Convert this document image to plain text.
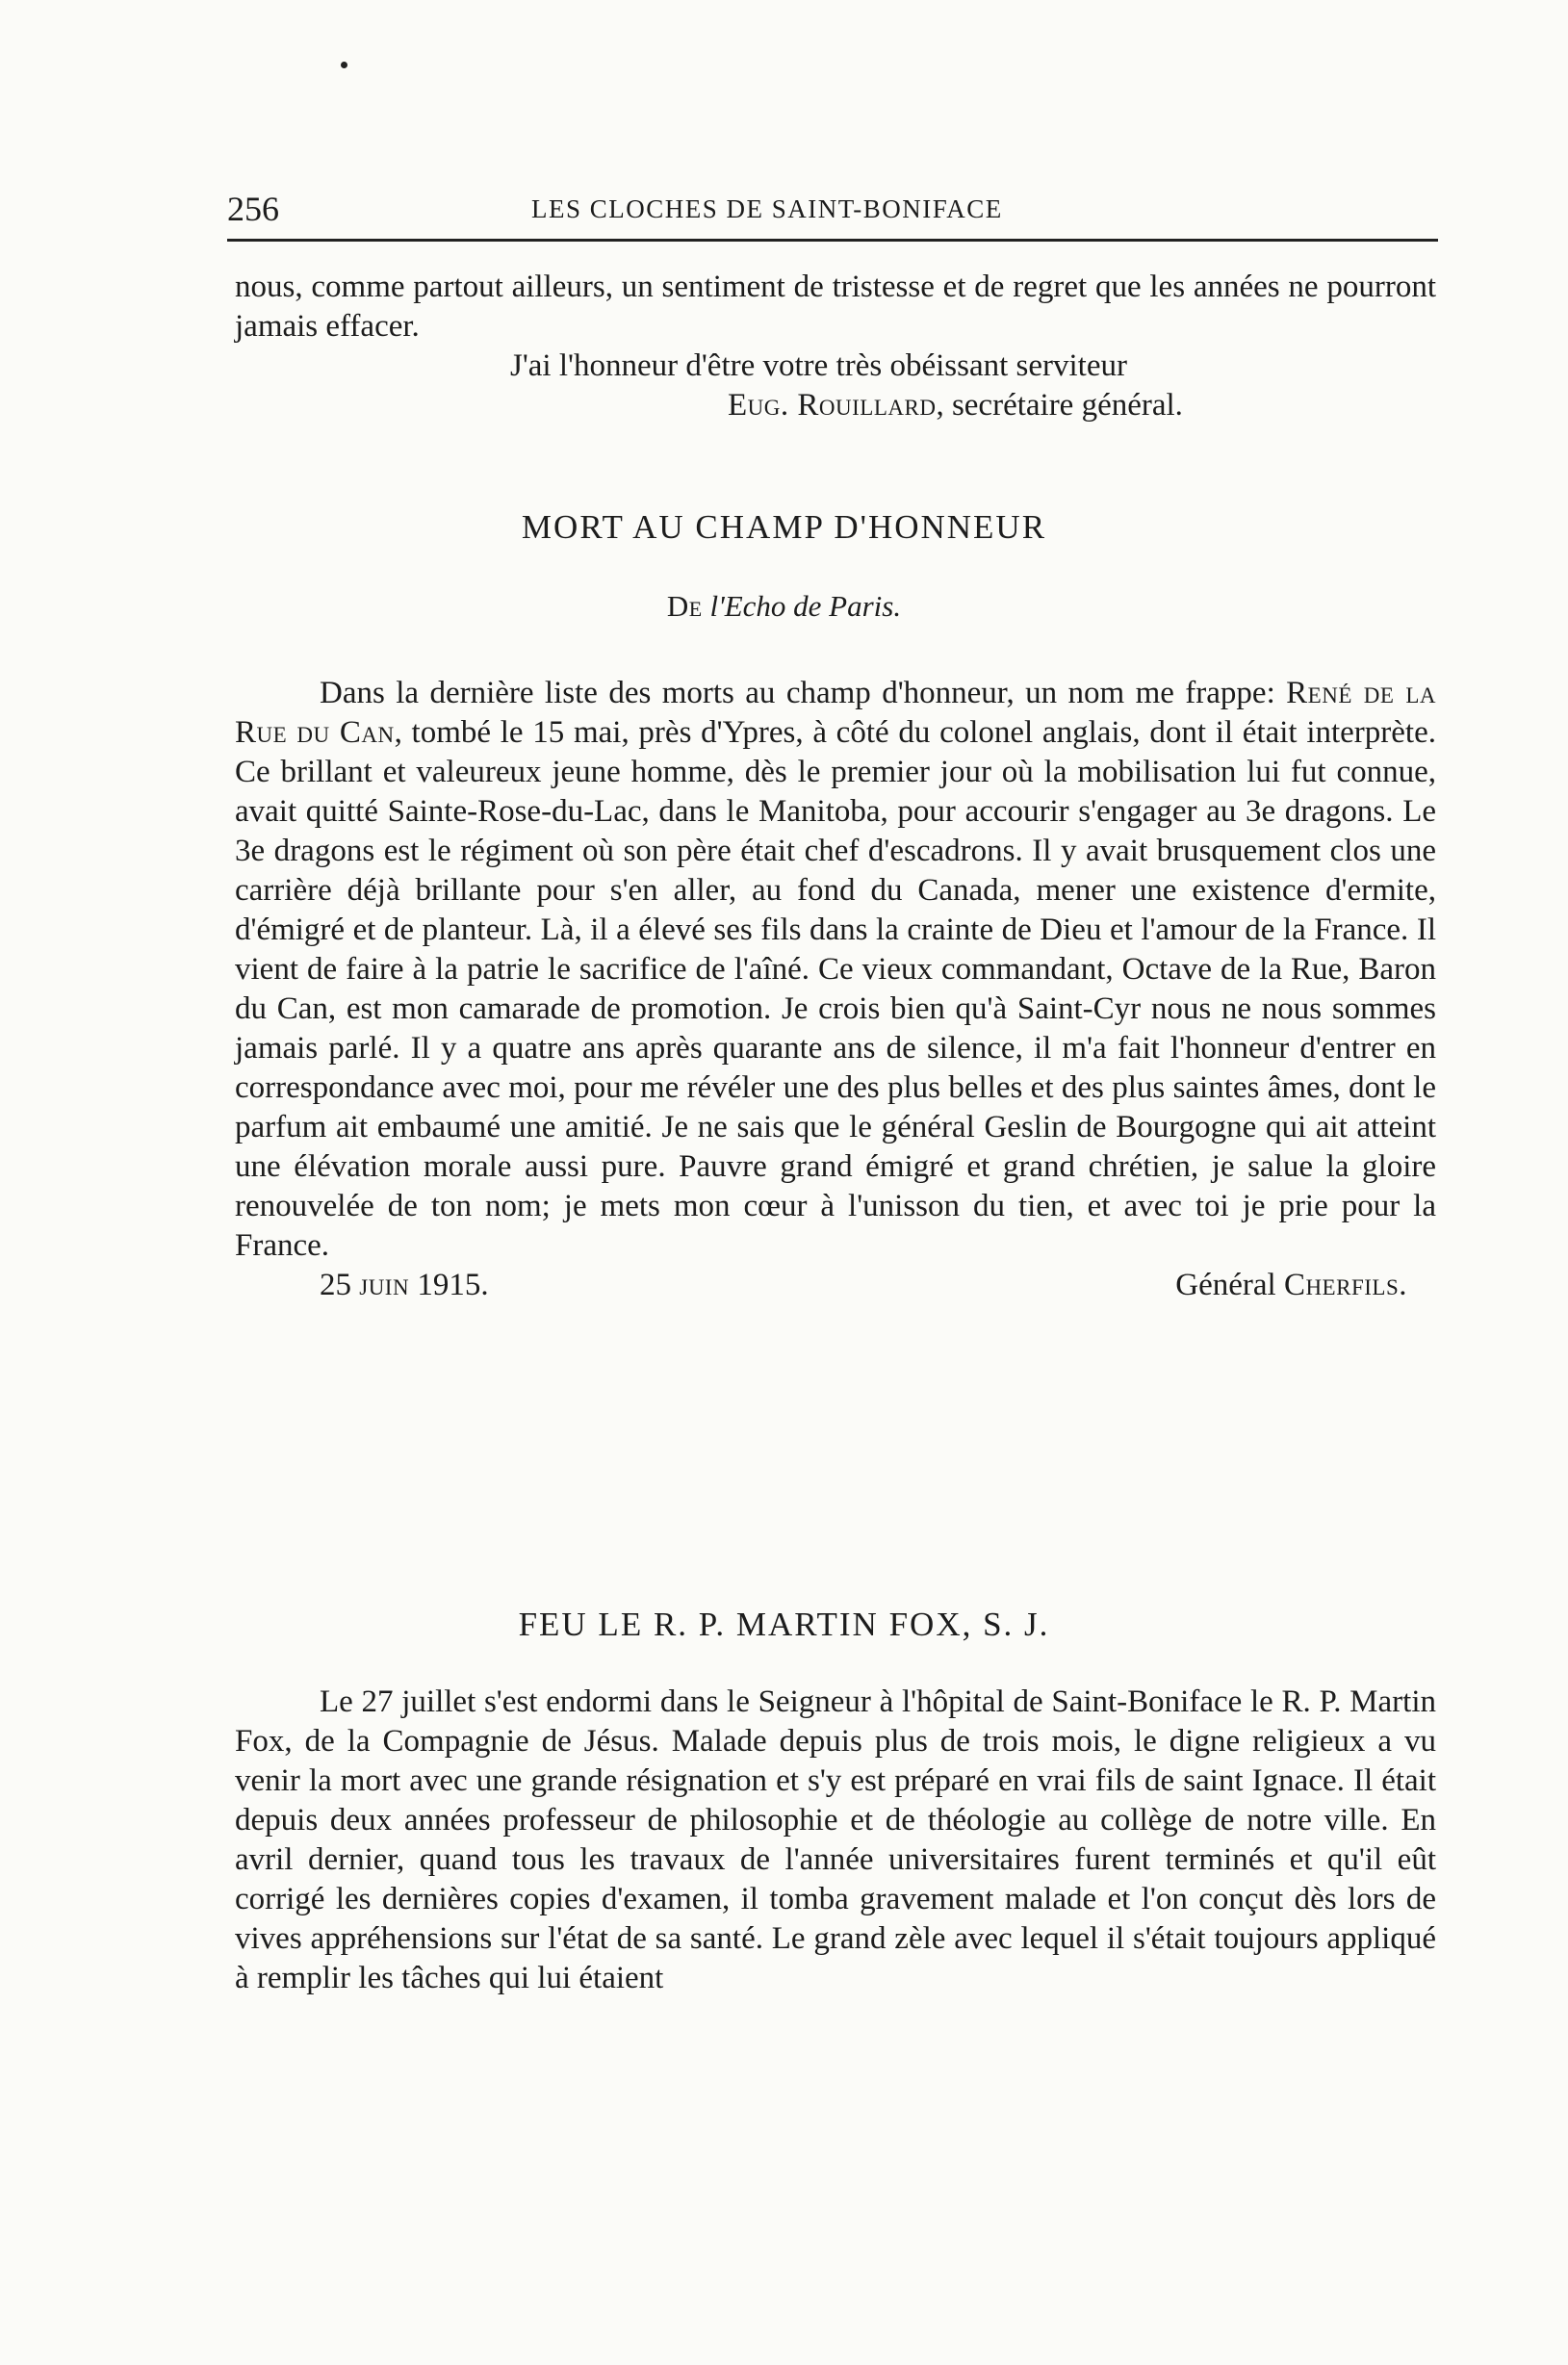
256	LES CLOCHES DE SAINT-BONIFACE

nous, comme partout ailleurs, un sentiment de tristesse et de regret que les années ne pourront jamais effacer.

J'ai l'honneur d'être votre très obéissant serviteur
Eug. Rouillard, secrétaire général.
MORT AU CHAMP D'HONNEUR
De l'Echo de Paris.

Dans la dernière liste des morts au champ d'honneur, un nom me frappe: René de la Rue du Can, tombé le 15 mai, près d'Ypres, à côté du colonel anglais, dont il était interprète. Ce brillant et valeureux jeune homme, dès le premier jour où la mobilisation lui fut connue, avait quitté Sainte-Rose-du-Lac, dans le Manitoba, pour accourir s'engager au 3e dragons. Le 3e dragons est le régiment où son père était chef d'escadrons. Il y avait brusquement clos une carrière déjà brillante pour s'en aller, au fond du Canada, mener une existence d'ermite, d'émigré et de planteur. Là, il a élevé ses fils dans la crainte de Dieu et l'amour de la France. Il vient de faire à la patrie le sacrifice de l'aîné. Ce vieux commandant, Octave de la Rue, Baron du Can, est mon camarade de promotion. Je crois bien qu'à Saint-Cyr nous ne nous sommes jamais parlé. Il y a quatre ans après quarante ans de silence, il m'a fait l'honneur d'entrer en correspondance avec moi, pour me révéler une des plus belles et des plus saintes âmes, dont le parfum ait embaumé une amitié. Je ne sais que le général Geslin de Bourgogne qui ait atteint une élévation morale aussi pure. Pauvre grand émigré et grand chrétien, je salue la gloire renouvelée de ton nom; je mets mon cœur à l'unisson du tien, et avec toi je prie pour la France.

25 juin 1915.	Général Cherfils.
FEU LE R. P. MARTIN FOX, S. J.

Le 27 juillet s'est endormi dans le Seigneur à l'hôpital de Saint-Boniface le R. P. Martin Fox, de la Compagnie de Jésus. Malade depuis plus de trois mois, le digne religieux a vu venir la mort avec une grande résignation et s'y est préparé en vrai fils de saint Ignace. Il était depuis deux années professeur de philosophie et de théologie au collège de notre ville. En avril dernier, quand tous les travaux de l'année universitaires furent terminés et qu'il eût corrigé les dernières copies d'examen, il tomba gravement malade et l'on conçut dès lors de vives appréhensions sur l'état de sa santé. Le grand zèle avec lequel il s'était toujours appliqué à remplir les tâches qui lui étaient
